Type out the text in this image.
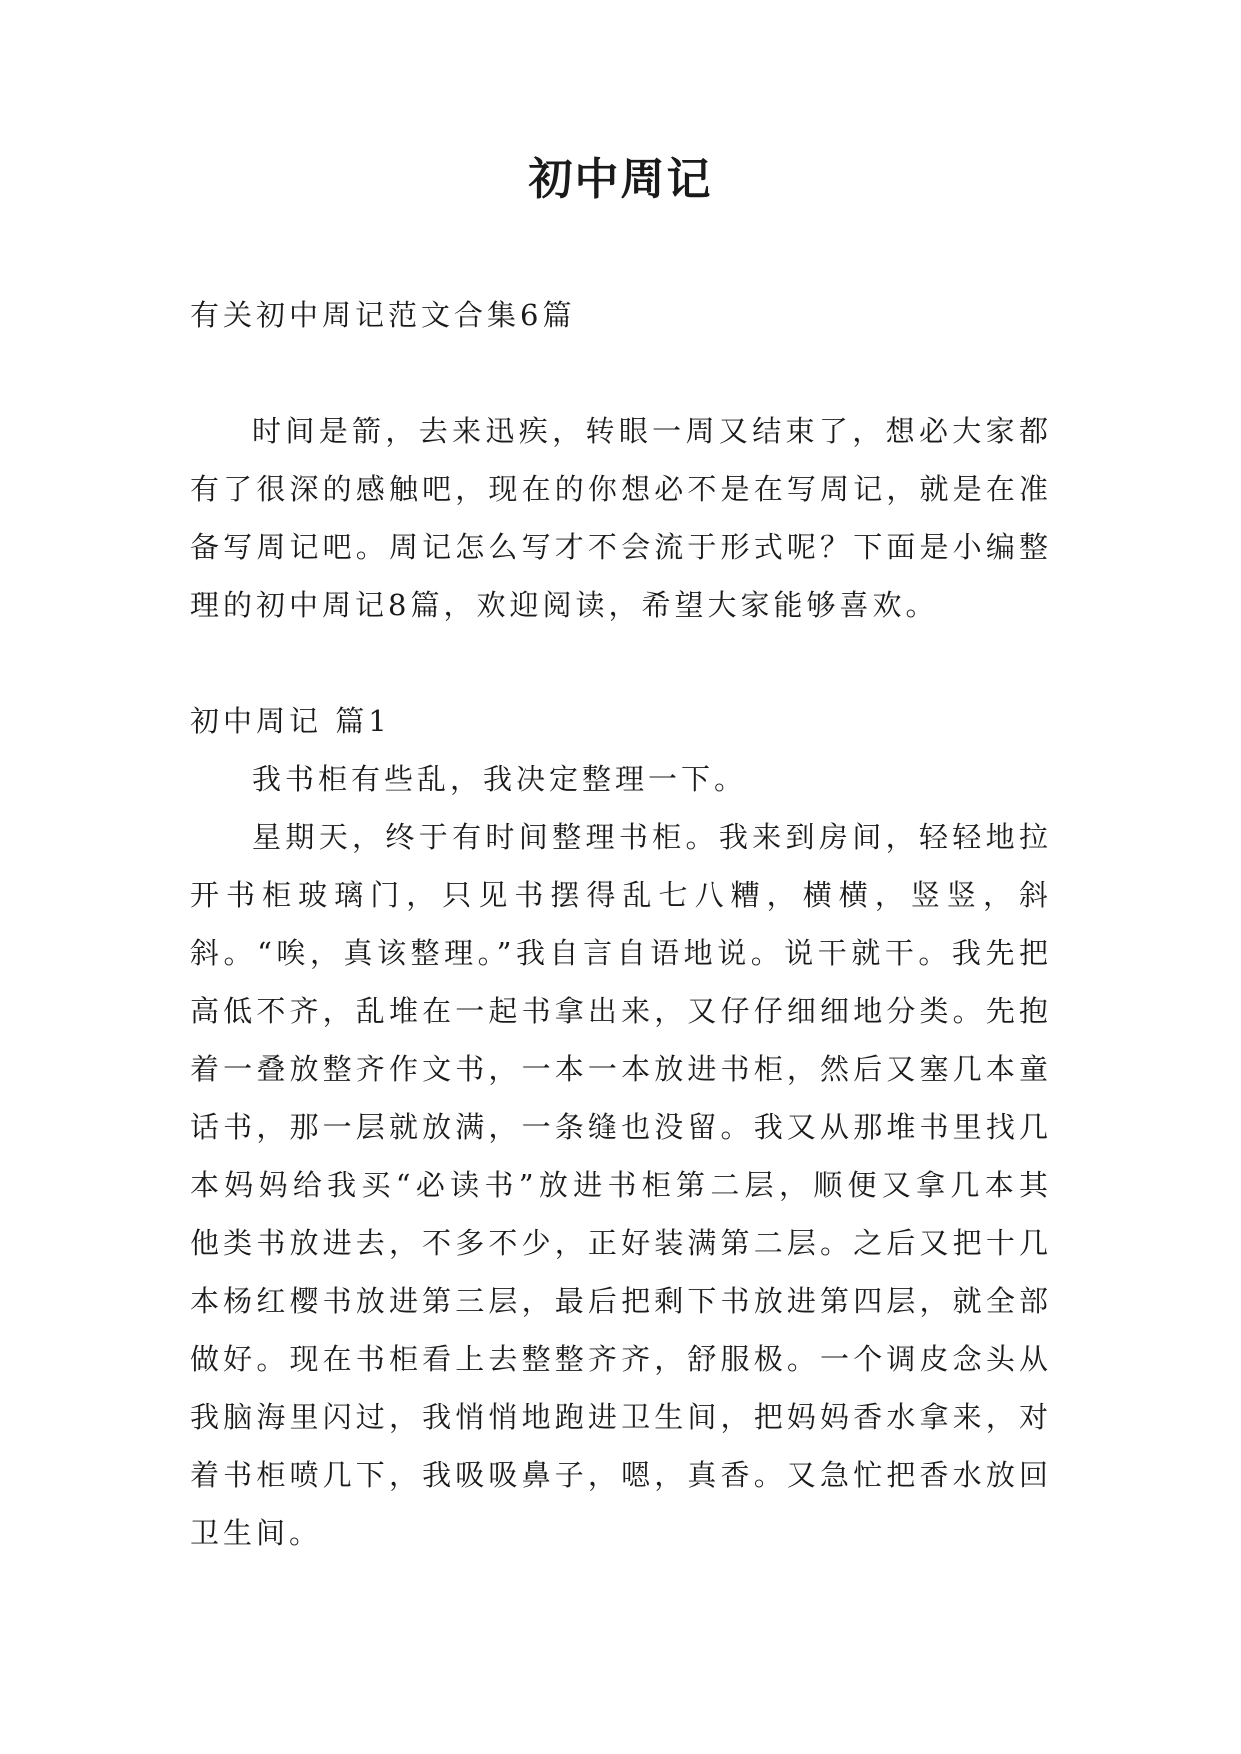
初中周记

有关初中周记范文合集6篇

时间是箭，去来迅疾，转眼一周又结束了，想必大家都有了很深的感触吧，现在的你想必不是在写周记，就是在准备写周记吧。周记怎么写才不会流于形式呢？下面是小编整理的初中周记8篇，欢迎阅读，希望大家能够喜欢。

初中周记 篇1

我书柜有些乱，我决定整理一下。

星期天，终于有时间整理书柜。我来到房间，轻轻地拉开书柜玻璃门，只见书摆得乱七八糟，横横，竖竖，斜斜。“唉，真该整理。”我自言自语地说。说干就干。我先把高低不齐，乱堆在一起书拿出来，又仔仔细细地分类。先抱着一叠放整齐作文书，一本一本放进书柜，然后又塞几本童话书，那一层就放满，一条缝也没留。我又从那堆书里找几本妈妈给我买“必读书”放进书柜第二层，顺便又拿几本其他类书放进去，不多不少，正好装满第二层。之后又把十几本杨红樱书放进第三层，最后把剩下书放进第四层，就全部做好。现在书柜看上去整整齐齐，舒服极。一个调皮念头从我脑海里闪过，我悄悄地跑进卫生间，把妈妈香水拿来，对着书柜喷几下，我吸吸鼻子，嗯，真香。又急忙把香水放回卫生间。
